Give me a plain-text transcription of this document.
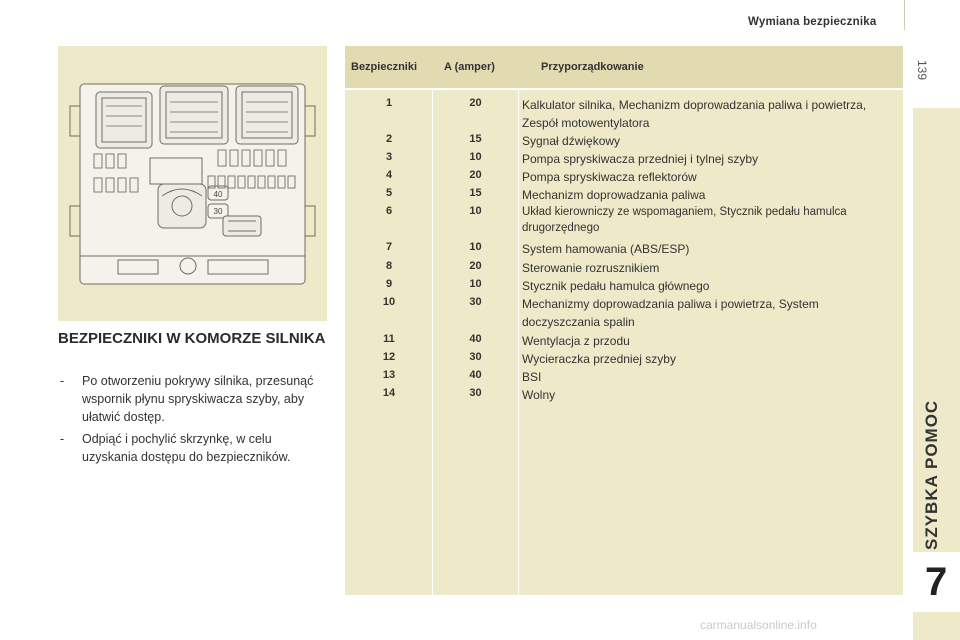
Wymiana bezpiecznika
139
SZYBKA POMOC
7
40
30
BEZPIECZNIKI W KOMORZE SILNIKA
- Po otworzeniu pokrywy silnika, przesunąć wspornik płynu spryskiwacza szyby, aby ułatwić dostęp.
- Odpiąć i pochylić skrzynkę, w celu uzyskania dostępu do bezpieczników.
Bezpieczniki A (amper)	Przyporządkowanie
1	20	Kalkulator silnika, Mechanizm doprowadzania paliwa i powietrza, Zespół motowentylatora
2	15	Sygnał dźwiękowy
3	10	Pompa spryskiwacza przedniej i tylnej szyby
4	20	Pompa spryskiwacza reflektorów
5	15	Mechanizm doprowadzania paliwa
6	10	Układ kierowniczy ze wspomaganiem, Stycznik pedału hamulca drugorzędnego
7	10	System hamowania (ABS/ESP)
8	20	Sterowanie rozrusznikiem
9	10	Stycznik pedału hamulca głównego
10	30	Mechanizmy doprowadzania paliwa i powietrza, System doczyszczania spalin
11	40	Wentylacja z przodu
12	30	Wycieraczka przedniej szyby
13	40	BSI
14	30	Wolny
carmanualsonline.info
